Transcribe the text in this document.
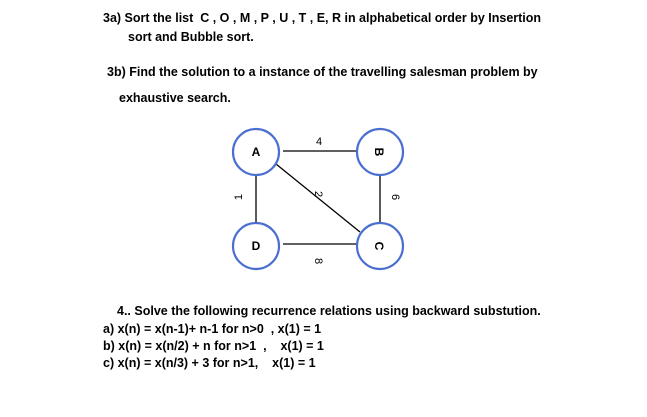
3a) Sort the list  C , O , M , P , U , T , E, R in alphabetical order by Insertion
sort and Bubble sort.
3b) Find the solution to a instance of the travelling salesman problem by
exhaustive search.
A	B
C
D
4
1	6
8
2
4.. Solve the following recurrence relations using backward substution.
a) x(n) = x(n-1)+ n-1 for n>0  , x(1) = 1
b) x(n) = x(n/2) + n for n>1  ,    x(1) = 1
c) x(n) = x(n/3) + 3 for n>1,    x(1) = 1
